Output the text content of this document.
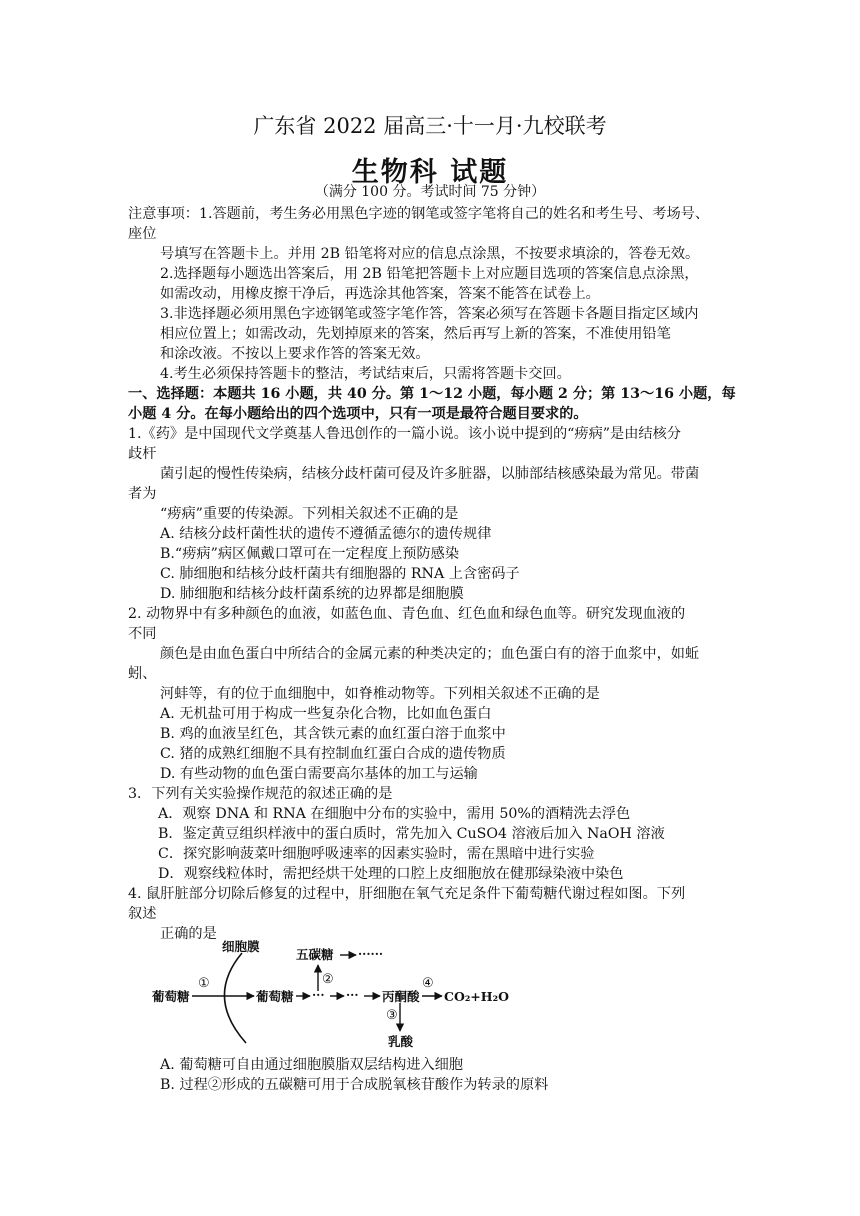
广东省 2022 届高三·十一月·九校联考
生物科 试题
（满分 100 分。考试时间 75 分钟）
注意事项：1.答题前，考生务必用黑色字迹的钢笔或签字笔将自己的姓名和考生号、考场号、
座位
号填写在答题卡上。并用 2B 铅笔将对应的信息点涂黑，不按要求填涂的，答卷无效。
2.选择题每小题选出答案后，用 2B 铅笔把答题卡上对应题目选项的答案信息点涂黑，
如需改动，用橡皮擦干净后，再选涂其他答案，答案不能答在试卷上。
3.非选择题必须用黑色字迹钢笔或签字笔作答，答案必须写在答题卡各题目指定区域内
相应位置上；如需改动，先划掉原来的答案，然后再写上新的答案，不准使用铅笔
和涂改液。不按以上要求作答的答案无效。
4.考生必须保持答题卡的整洁，考试结束后，只需将答题卡交回。
一、选择题：本题共 16 小题，共 40 分。第 1～12 小题，每小题 2 分；第 13～16 小题，每
小题 4 分。在每小题给出的四个选项中，只有一项是最符合题目要求的。
1.《药》是中国现代文学奠基人鲁迅创作的一篇小说。该小说中提到的“痨病”是由结核分
歧杆
菌引起的慢性传染病，结核分歧杆菌可侵及许多脏器，以肺部结核感染最为常见。带菌
者为
“痨病”重要的传染源。下列相关叙述不正确的是
A. 结核分歧杆菌性状的遗传不遵循孟德尔的遗传规律
B.“痨病”病区佩戴口罩可在一定程度上预防感染
C. 肺细胞和结核分歧杆菌共有细胞器的 RNA 上含密码子
D. 肺细胞和结核分歧杆菌系统的边界都是细胞膜
2. 动物界中有多种颜色的血液，如蓝色血、青色血、红色血和绿色血等。研究发现血液的
不同
颜色是由血色蛋白中所结合的金属元素的种类决定的；血色蛋白有的溶于血浆中，如蚯
蚓、
河蚌等，有的位于血细胞中，如脊椎动物等。下列相关叙述不正确的是
A. 无机盐可用于构成一些复杂化合物，比如血色蛋白
B. 鸡的血液呈红色，其含铁元素的血红蛋白溶于血浆中
C. 猪的成熟红细胞不具有控制血红蛋白合成的遗传物质
D. 有些动物的血色蛋白需要高尔基体的加工与运输
3．下列有关实验操作规范的叙述正确的是
A．观察 DNA 和 RNA 在细胞中分布的实验中，需用 50%的酒精洗去浮色
B．鉴定黄豆组织样液中的蛋白质时，常先加入 CuSO4 溶液后加入 NaOH 溶液
C．探究影响菠菜叶细胞呼吸速率的因素实验时，需在黑暗中进行实验
D．观察线粒体时，需把经烘干处理的口腔上皮细胞放在健那绿染液中染色
4. 鼠肝脏部分切除后修复的过程中，肝细胞在氧气充足条件下葡萄糖代谢过程如图。下列
叙述
正确的是
细胞膜
葡萄糖
①
葡萄糖 ··· ···
②
五碳糖 ······
丙酮酸
④
CO₂+H₂O
③
乳酸
A. 葡萄糖可自由通过细胞膜脂双层结构进入细胞
B. 过程②形成的五碳糖可用于合成脱氧核苷酸作为转录的原料
